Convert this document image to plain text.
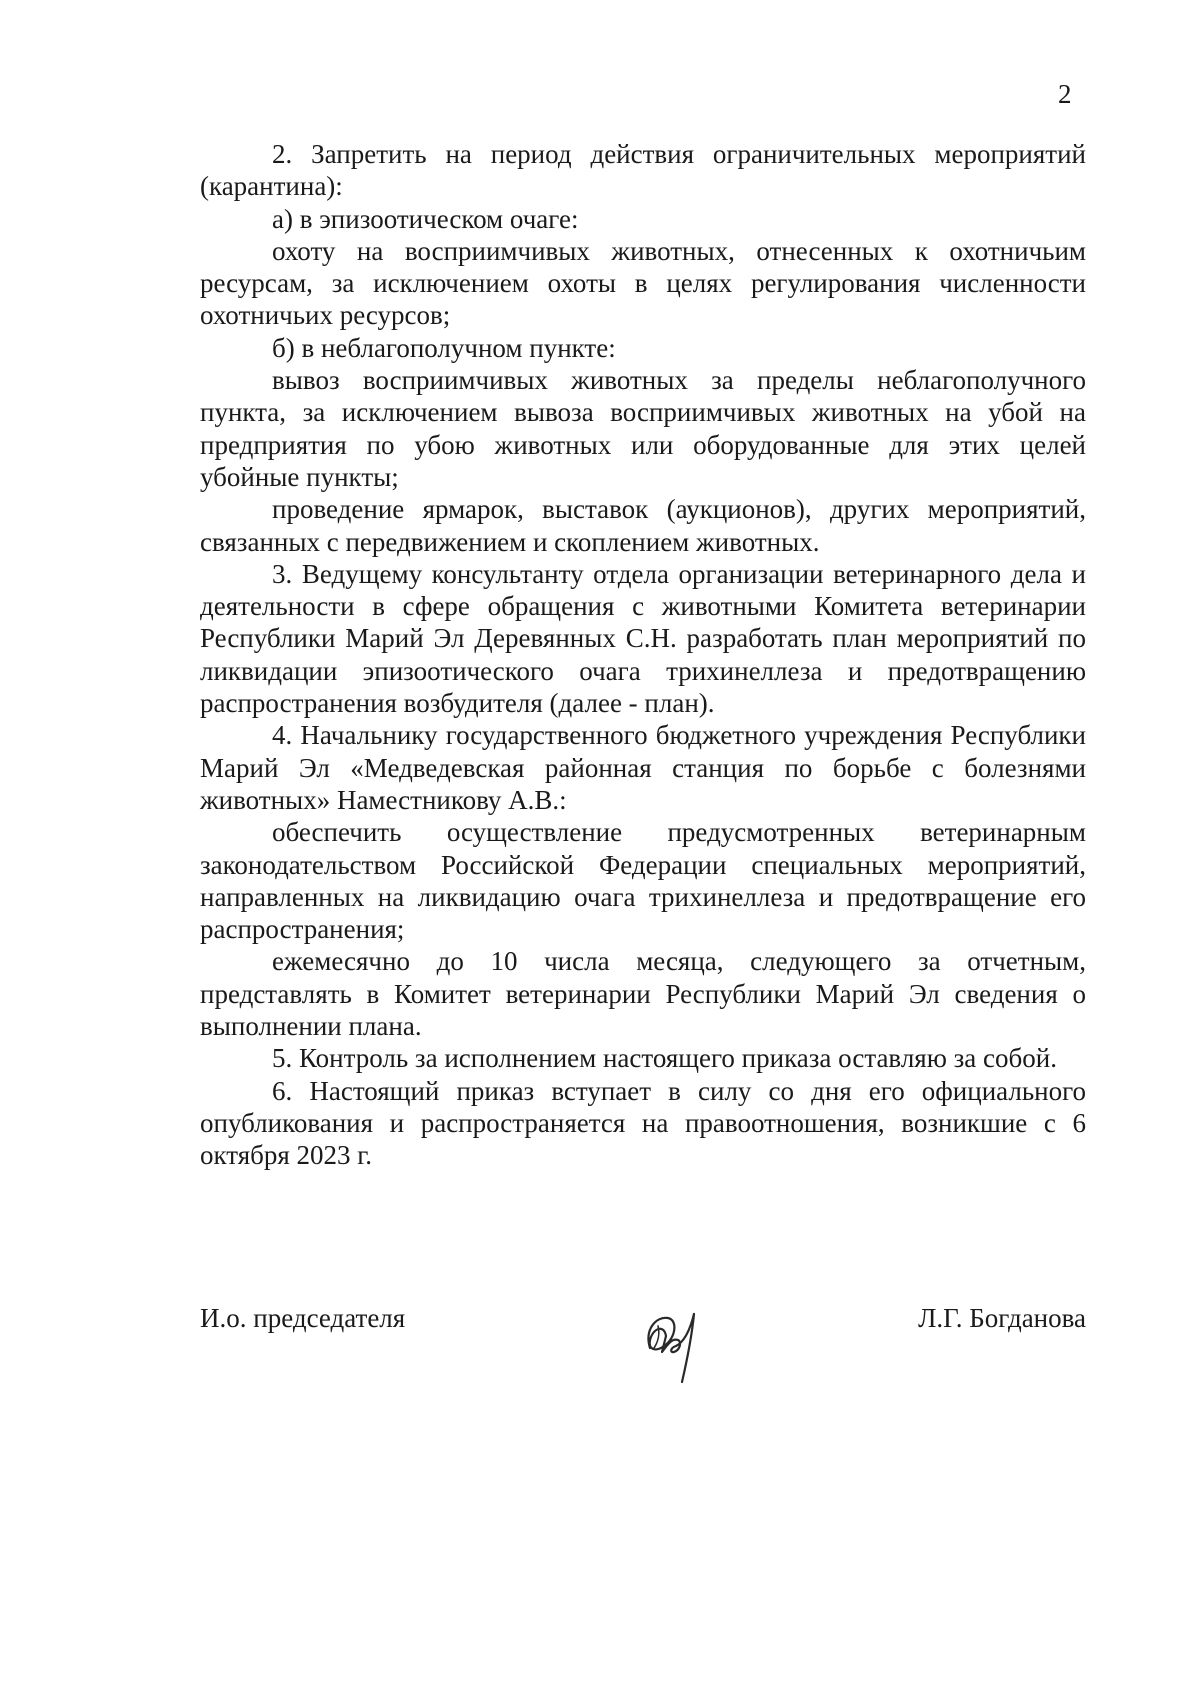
2

2. Запретить на период действия ограничительных мероприятий (карантина):

а) в эпизоотическом очаге:

охоту на восприимчивых животных, отнесенных к охотничьим ресурсам, за исключением охоты в целях регулирования численности охотничьих ресурсов;

б) в неблагополучном пункте:

вывоз восприимчивых животных за пределы неблагополучного пункта, за исключением вывоза восприимчивых животных на убой на предприятия по убою животных или оборудованные для этих целей убойные пункты;

проведение ярмарок, выставок (аукционов), других мероприятий, связанных с передвижением и скоплением животных.

3. Ведущему консультанту отдела организации ветеринарного дела и деятельности в сфере обращения с животными Комитета ветеринарии Республики Марий Эл Деревянных С.Н. разработать план мероприятий по ликвидации эпизоотического очага трихинеллеза и предотвращению распространения возбудителя (далее - план).

4. Начальнику государственного бюджетного учреждения Республики Марий Эл «Медведевская районная станция по борьбе с болезнями животных» Наместникову А.В.:

обеспечить осуществление предусмотренных ветеринарным законодательством Российской Федерации специальных мероприятий, направленных на ликвидацию очага трихинеллеза и предотвращение его распространения;

ежемесячно до 10 числа месяца, следующего за отчетным, представлять в Комитет ветеринарии Республики Марий Эл сведения о выполнении плана.

5. Контроль за исполнением настоящего приказа оставляю за собой.

6. Настоящий приказ вступает в силу со дня его официального опубликования и распространяется на правоотношения, возникшие с 6 октября 2023 г.

И.о. председателя	Л.Г. Богданова
